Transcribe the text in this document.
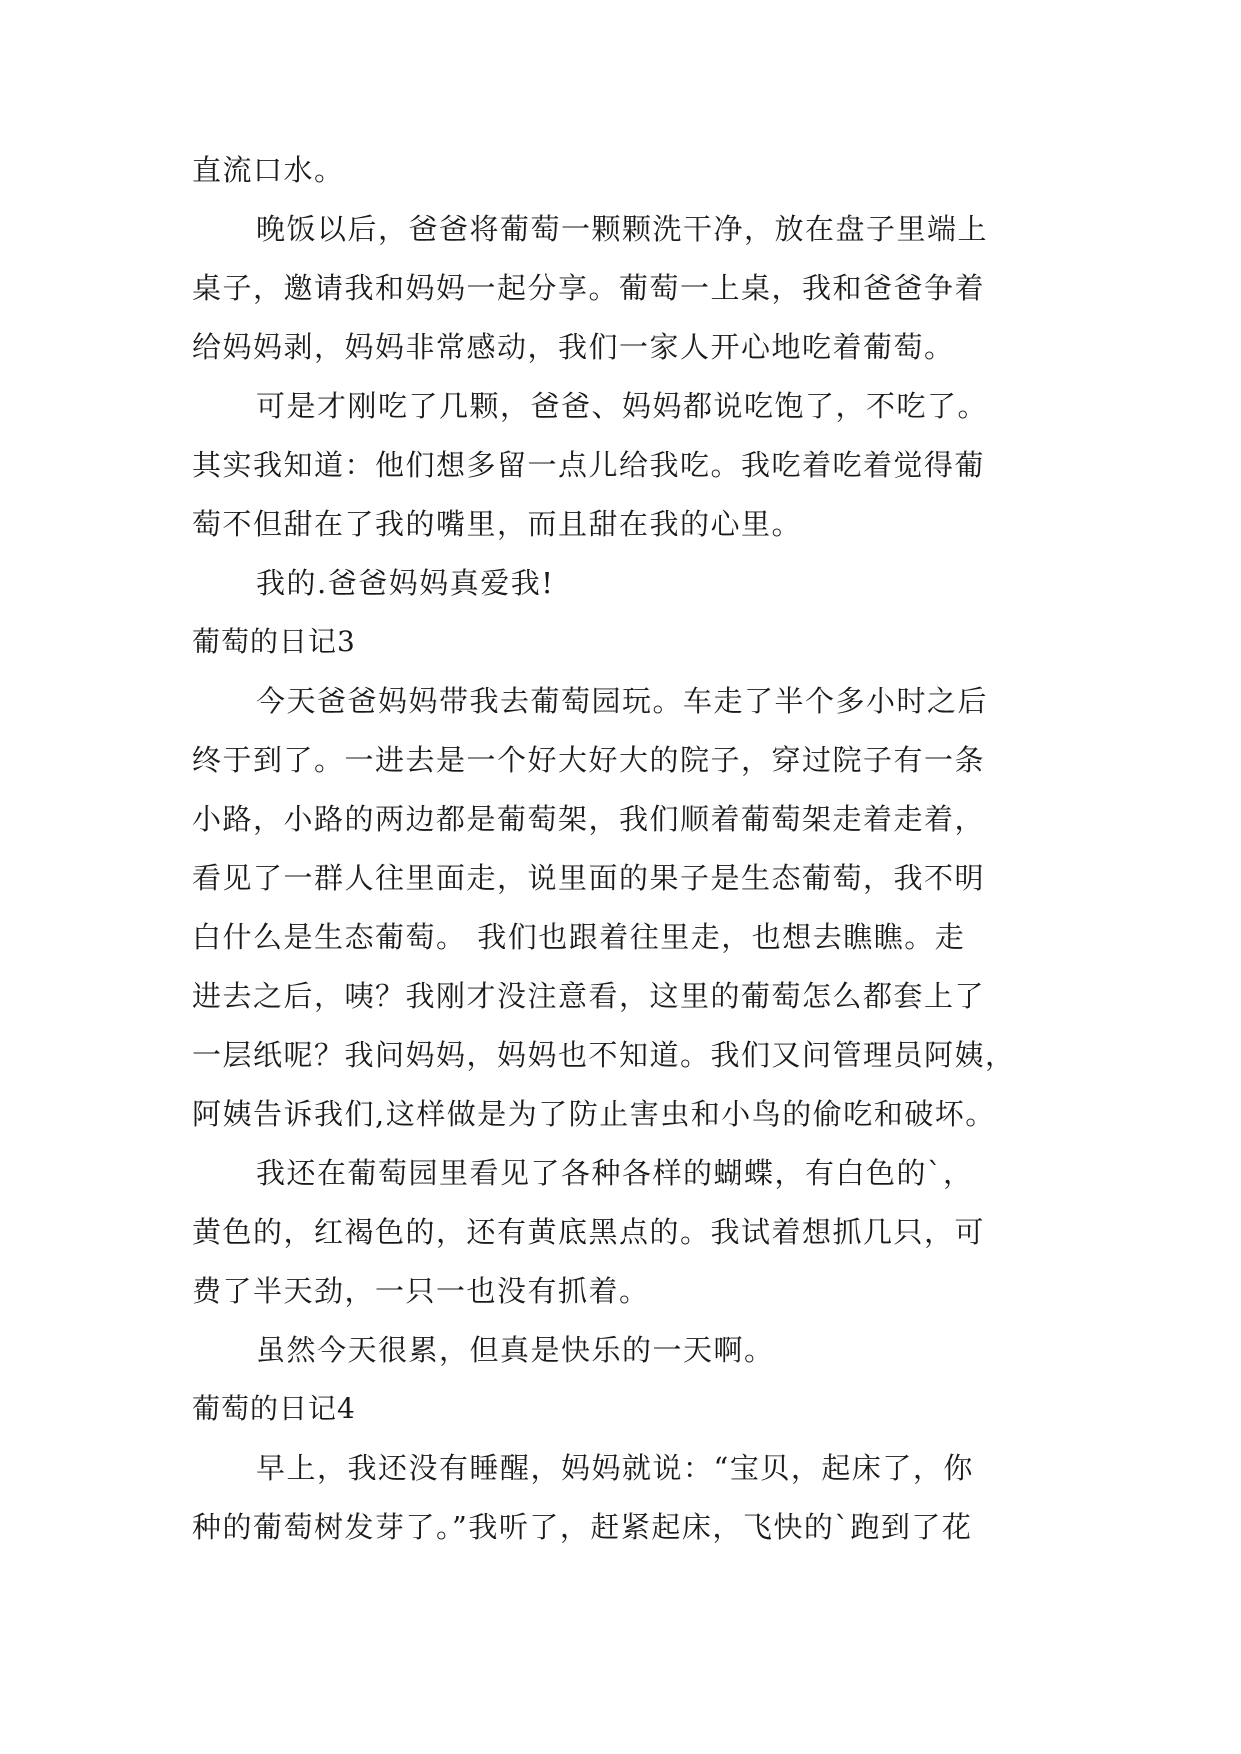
直流口水。
晚饭以后，爸爸将葡萄一颗颗洗干净，放在盘子里端上
桌子，邀请我和妈妈一起分享。葡萄一上桌，我和爸爸争着
给妈妈剥，妈妈非常感动，我们一家人开心地吃着葡萄。
可是才刚吃了几颗，爸爸、妈妈都说吃饱了，不吃了。
其实我知道：他们想多留一点儿给我吃。我吃着吃着觉得葡
萄不但甜在了我的嘴里，而且甜在我的心里。
我的.爸爸妈妈真爱我!
葡萄的日记3
今天爸爸妈妈带我去葡萄园玩。车走了半个多小时之后
终于到了。一进去是一个好大好大的院子，穿过院子有一条
小路，小路的两边都是葡萄架，我们顺着葡萄架走着走着，
看见了一群人往里面走，说里面的果子是生态葡萄，我不明
白什么是生态葡萄。 我们也跟着往里走，也想去瞧瞧。走
进去之后，咦？我刚才没注意看，这里的葡萄怎么都套上了
一层纸呢？我问妈妈，妈妈也不知道。我们又问管理员阿姨，
阿姨告诉我们,这样做是为了防止害虫和小鸟的偷吃和破坏。
我还在葡萄园里看见了各种各样的蝴蝶，有白色的`，
黄色的，红褐色的，还有黄底黑点的。我试着想抓几只，可
费了半天劲，一只一也没有抓着。
虽然今天很累，但真是快乐的一天啊。
葡萄的日记4
早上，我还没有睡醒，妈妈就说：“宝贝，起床了，你
种的葡萄树发芽了。”我听了，赶紧起床，飞快的`跑到了花
